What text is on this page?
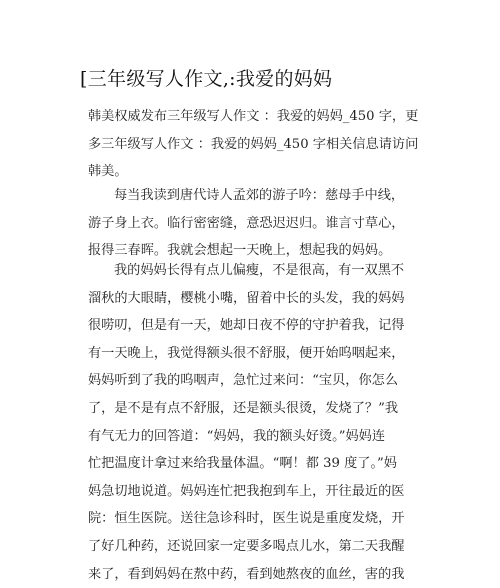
[三年级写人作文,:我爱的妈妈
韩美权威发布三年级写人作文 ：我爱的妈妈_450 字，更
多三年级写人作文 ：我爱的妈妈_450 字相关信息请访问
韩美。
每当我读到唐代诗人孟郊的游子吟：慈母手中线，
游子身上衣。临行密密缝，意恐迟迟归。谁言寸草心，
报得三春晖。我就会想起一天晚上，想起我的妈妈。
我的妈妈长得有点儿偏瘦，不是很高，有一双黑不
溜秋的大眼睛，樱桃小嘴，留着中长的头发，我的妈妈
很唠叨，但是有一天，她却日夜不停的守护着我，记得
有一天晚上，我觉得额头很不舒服，便开始呜咽起来，
妈妈听到了我的呜咽声，急忙过来问：“宝贝，你怎么
了，是不是有点不舒服，还是额头很烫，发烧了？”我
有气无力的回答道：“妈妈，我的额头好烫。”妈妈连
忙把温度计拿过来给我量体温。“啊！都 39 度了。”妈
妈急切地说道。妈妈连忙把我抱到车上，开往最近的医
院：恒生医院。送往急诊科时，医生说是重度发烧，开
了好几种药，还说回家一定要多喝点儿水，第二天我醒
来了，看到妈妈在熬中药，看到她熬夜的血丝，害的我
